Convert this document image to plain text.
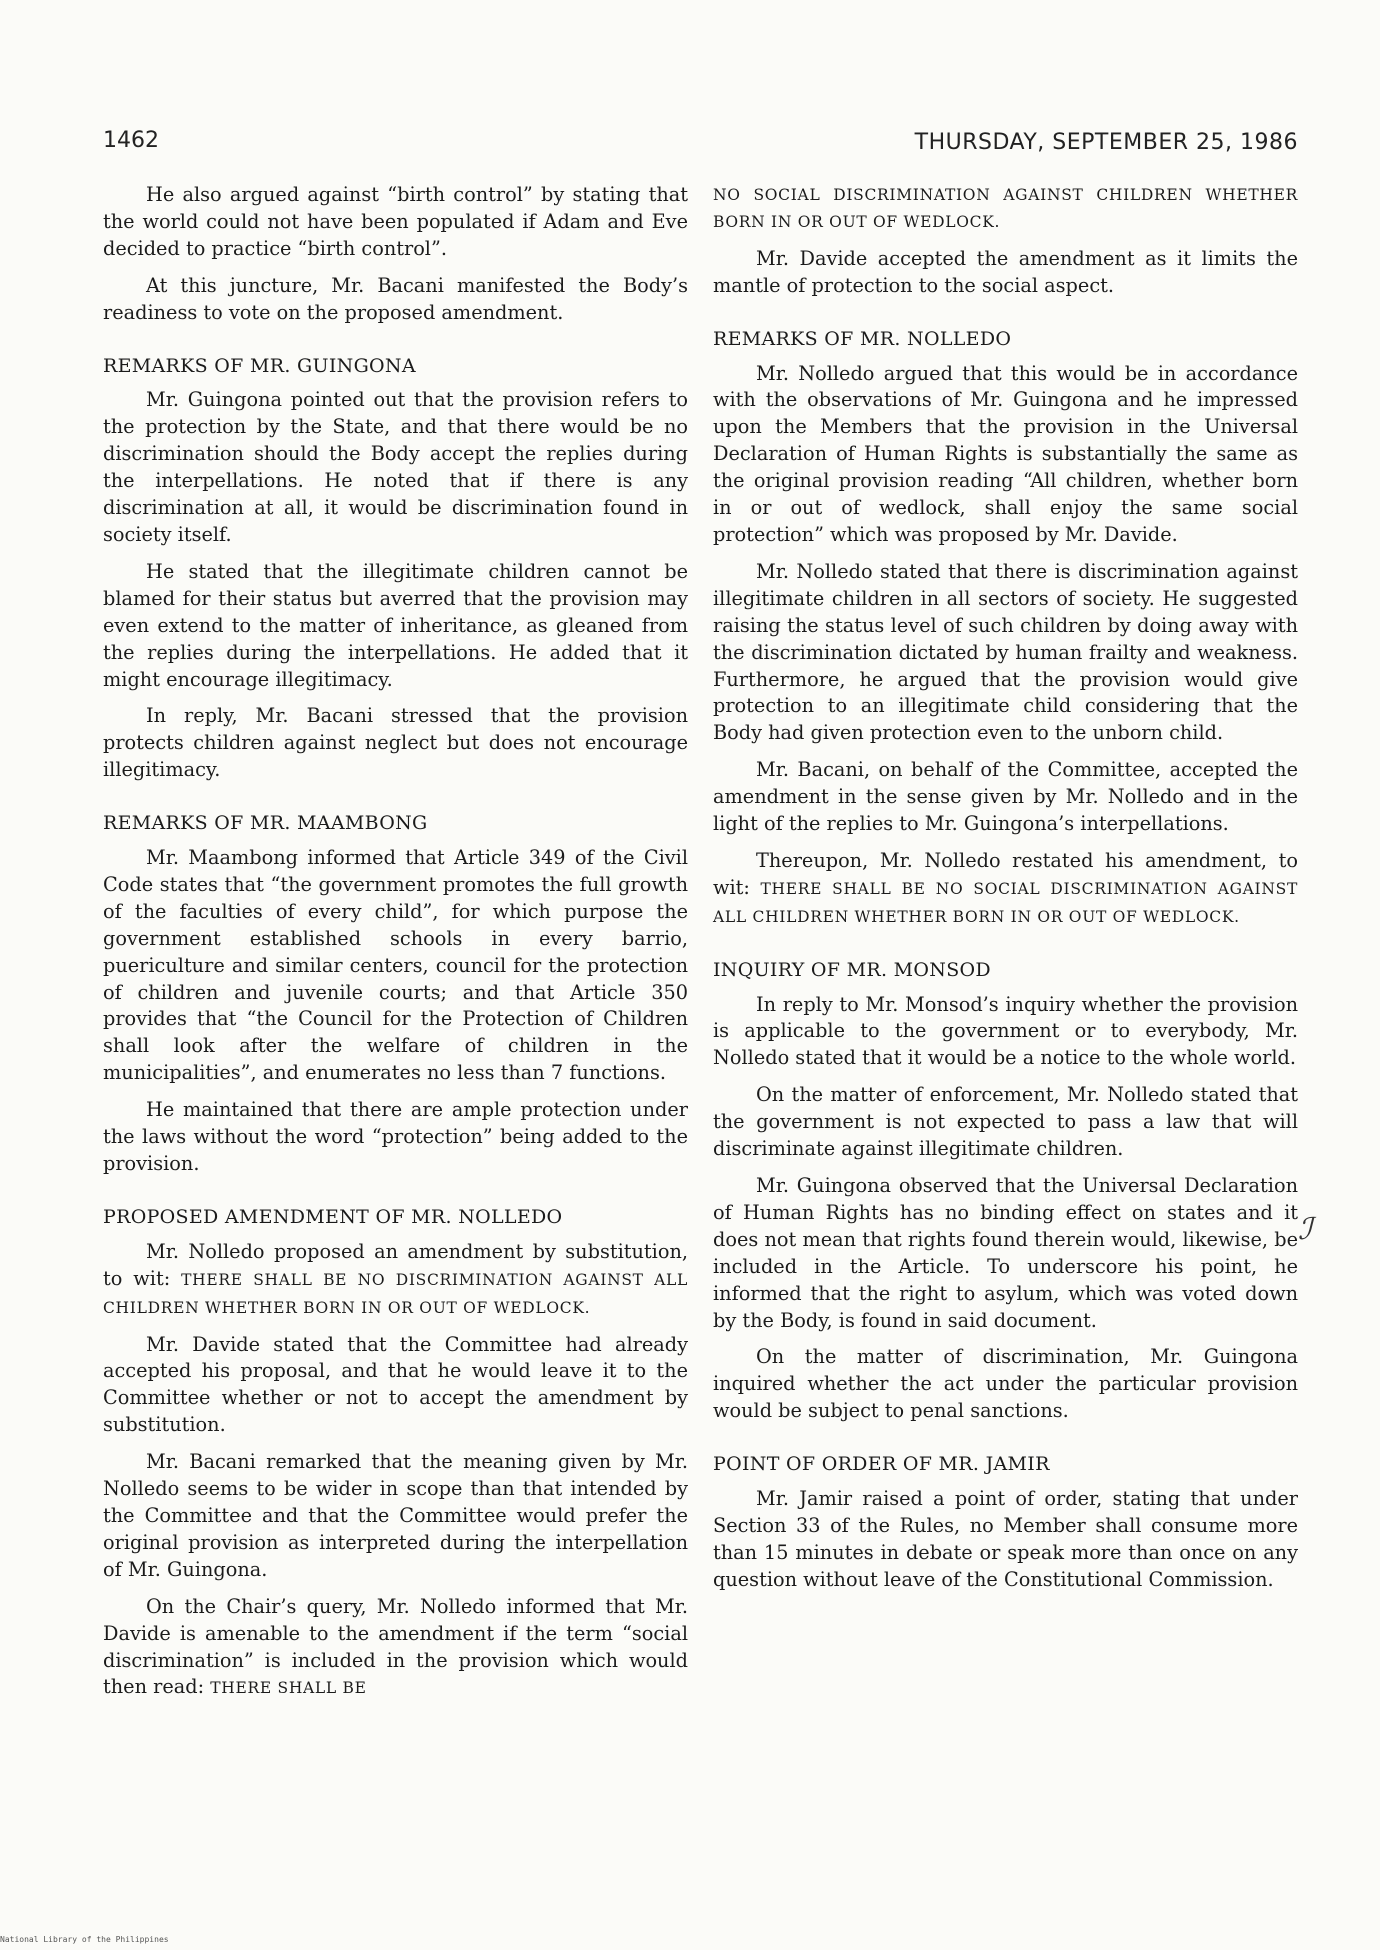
1462	THURSDAY, SEPTEMBER 25, 1986

He also argued against “birth control” by stating that the world could not have been populated if Adam and Eve decided to practice “birth control”.

At this juncture, Mr. Bacani manifested the Body’s readiness to vote on the proposed amendment.

REMARKS OF MR. GUINGONA

Mr. Guingona pointed out that the provision refers to the protection by the State, and that there would be no discrimination should the Body accept the replies during the interpellations. He noted that if there is any discrimination at all, it would be discrimination found in society itself.

He stated that the illegitimate children cannot be blamed for their status but averred that the provision may even extend to the matter of inheritance, as gleaned from the replies during the interpellations. He added that it might encourage illegitimacy.

In reply, Mr. Bacani stressed that the provision protects children against neglect but does not encourage illegitimacy.

REMARKS OF MR. MAAMBONG

Mr. Maambong informed that Article 349 of the Civil Code states that “the government promotes the full growth of the faculties of every child”, for which purpose the government established schools in every barrio, puericulture and similar centers, council for the protection of children and juvenile courts; and that Article 350 provides that “the Council for the Protection of Children shall look after the welfare of children in the municipalities”, and enumerates no less than 7 functions.

He maintained that there are ample protection under the laws without the word “protection” being added to the provision.

PROPOSED AMENDMENT OF MR. NOLLEDO

Mr. Nolledo proposed an amendment by substitution, to wit: THERE SHALL BE NO DISCRIMINATION AGAINST ALL CHILDREN WHETHER BORN IN OR OUT OF WEDLOCK.

Mr. Davide stated that the Committee had already accepted his proposal, and that he would leave it to the Committee whether or not to accept the amendment by substitution.

Mr. Bacani remarked that the meaning given by Mr. Nolledo seems to be wider in scope than that intended by the Committee and that the Committee would prefer the original provision as interpreted during the interpellation of Mr. Guingona.

On the Chair’s query, Mr. Nolledo informed that Mr. Davide is amenable to the amendment if the term “social discrimination” is included in the provision which would then read: THERE SHALL BE

NO SOCIAL DISCRIMINATION AGAINST CHILDREN WHETHER BORN IN OR OUT OF WEDLOCK.

Mr. Davide accepted the amendment as it limits the mantle of protection to the social aspect.

REMARKS OF MR. NOLLEDO

Mr. Nolledo argued that this would be in accordance with the observations of Mr. Guingona and he impressed upon the Members that the provision in the Universal Declaration of Human Rights is substantially the same as the original provision reading “All children, whether born in or out of wedlock, shall enjoy the same social protection” which was proposed by Mr. Davide.

Mr. Nolledo stated that there is discrimination against illegitimate children in all sectors of society. He suggested raising the status level of such children by doing away with the discrimination dictated by human frailty and weakness. Furthermore, he argued that the provision would give protection to an illegitimate child considering that the Body had given protection even to the unborn child.

Mr. Bacani, on behalf of the Committee, accepted the amendment in the sense given by Mr. Nolledo and in the light of the replies to Mr. Guingona’s interpellations.

Thereupon, Mr. Nolledo restated his amendment, to wit: THERE SHALL BE NO SOCIAL DISCRIMINATION AGAINST ALL CHILDREN WHETHER BORN IN OR OUT OF WEDLOCK.

INQUIRY OF MR. MONSOD

In reply to Mr. Monsod’s inquiry whether the provision is applicable to the government or to everybody, Mr. Nolledo stated that it would be a notice to the whole world.

On the matter of enforcement, Mr. Nolledo stated that the government is not expected to pass a law that will discriminate against illegitimate children.

Mr. Guingona observed that the Universal Declaration of Human Rights has no binding effect on states and it does not mean that rights found therein would, likewise, be included in the Article. To underscore his point, he informed that the right to asylum, which was voted down by the Body, is found in said document.

On the matter of discrimination, Mr. Guingona inquired whether the act under the particular provision would be subject to penal sanctions.

POINT OF ORDER OF MR. JAMIR

Mr. Jamir raised a point of order, stating that under Section 33 of the Rules, no Member shall consume more than 15 minutes in debate or speak more than once on any question without leave of the Constitutional Commission.

ℐ
National Library of the Philippines
